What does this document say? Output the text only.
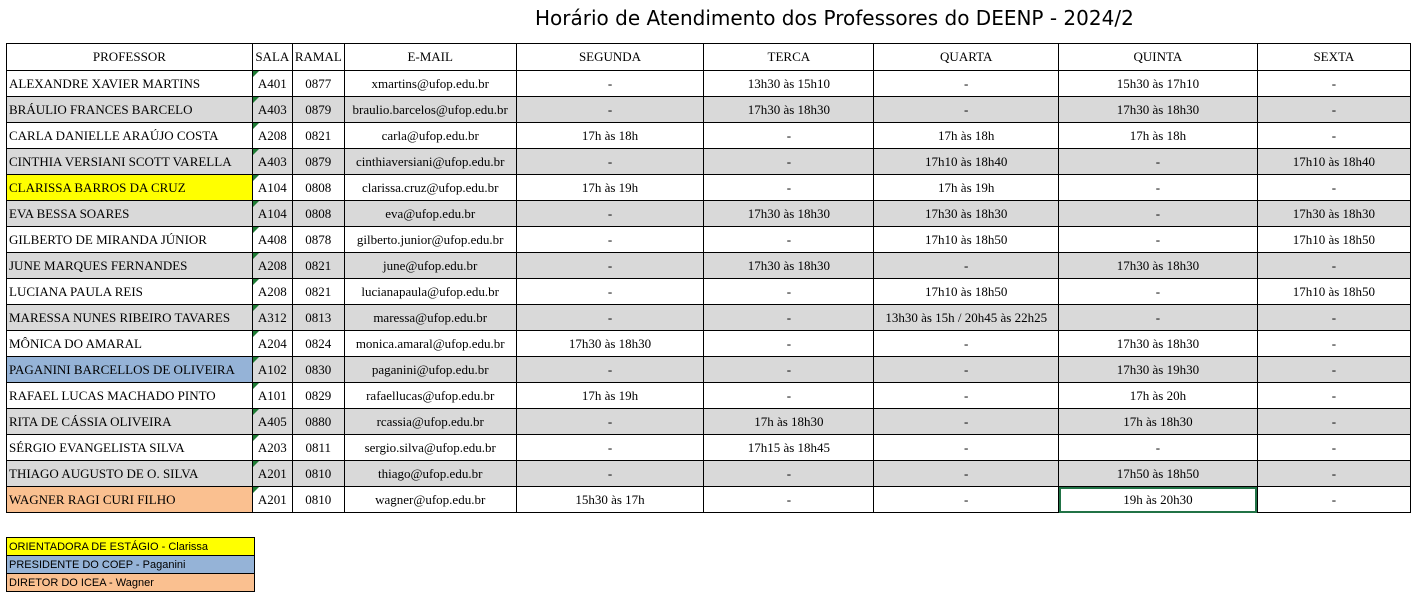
Horário de Atendimento dos Professores do DEENP - 2024/2
PROFESSOR	SALA	RAMAL	E-MAIL	SEGUNDA	TERCA	QUARTA	QUINTA	SEXTA
ALEXANDRE XAVIER MARTINS	A401	0877	xmartins@ufop.edu.br	-	13h30 às 15h10	-	15h30 às 17h10	-
BRÁULIO FRANCES BARCELO	A403	0879	braulio.barcelos@ufop.edu.br	-	17h30 às 18h30	-	17h30 às 18h30	-
CARLA DANIELLE ARAÚJO COSTA	A208	0821	carla@ufop.edu.br	17h às 18h	-	17h às 18h	17h às 18h	-
CINTHIA VERSIANI SCOTT VARELLA	A403	0879	cinthiaversiani@ufop.edu.br	-	-	17h10 às 18h40	-	17h10 às 18h40
CLARISSA BARROS DA CRUZ	A104	0808	clarissa.cruz@ufop.edu.br	17h às 19h	-	17h às 19h	-	-
EVA BESSA SOARES	A104	0808	eva@ufop.edu.br	-	17h30 às 18h30	17h30 às 18h30	-	17h30 às 18h30
GILBERTO DE MIRANDA JÚNIOR	A408	0878	gilberto.junior@ufop.edu.br	-	-	17h10 às 18h50	-	17h10 às 18h50
JUNE MARQUES FERNANDES	A208	0821	june@ufop.edu.br	-	17h30 às 18h30	-	17h30 às 18h30	-
LUCIANA PAULA REIS	A208	0821	lucianapaula@ufop.edu.br	-	-	17h10 às 18h50	-	17h10 às 18h50
MARESSA NUNES RIBEIRO TAVARES	A312	0813	maressa@ufop.edu.br	-	-	13h30 às 15h / 20h45 às 22h25	-	-
MÔNICA DO AMARAL	A204	0824	monica.amaral@ufop.edu.br	17h30 às 18h30	-	-	17h30 às 18h30	-
PAGANINI BARCELLOS DE OLIVEIRA	A102	0830	paganini@ufop.edu.br	-	-	-	17h30 às 19h30	-
RAFAEL LUCAS MACHADO PINTO	A101	0829	rafaellucas@ufop.edu.br	17h às 19h	-	-	17h às 20h	-
RITA DE CÁSSIA OLIVEIRA	A405	0880	rcassia@ufop.edu.br	-	17h às 18h30	-	17h às 18h30	-
SÉRGIO EVANGELISTA SILVA	A203	0811	sergio.silva@ufop.edu.br	-	17h15 às 18h45	-	-	-
THIAGO AUGUSTO DE O. SILVA	A201	0810	thiago@ufop.edu.br	-	-	-	17h50 às 18h50	-
WAGNER RAGI CURI FILHO	A201	0810	wagner@ufop.edu.br	15h30 às 17h	-	-	19h às 20h30	-
ORIENTADORA DE ESTÁGIO - Clarissa
PRESIDENTE DO COEP - Paganini
DIRETOR DO ICEA - Wagner
